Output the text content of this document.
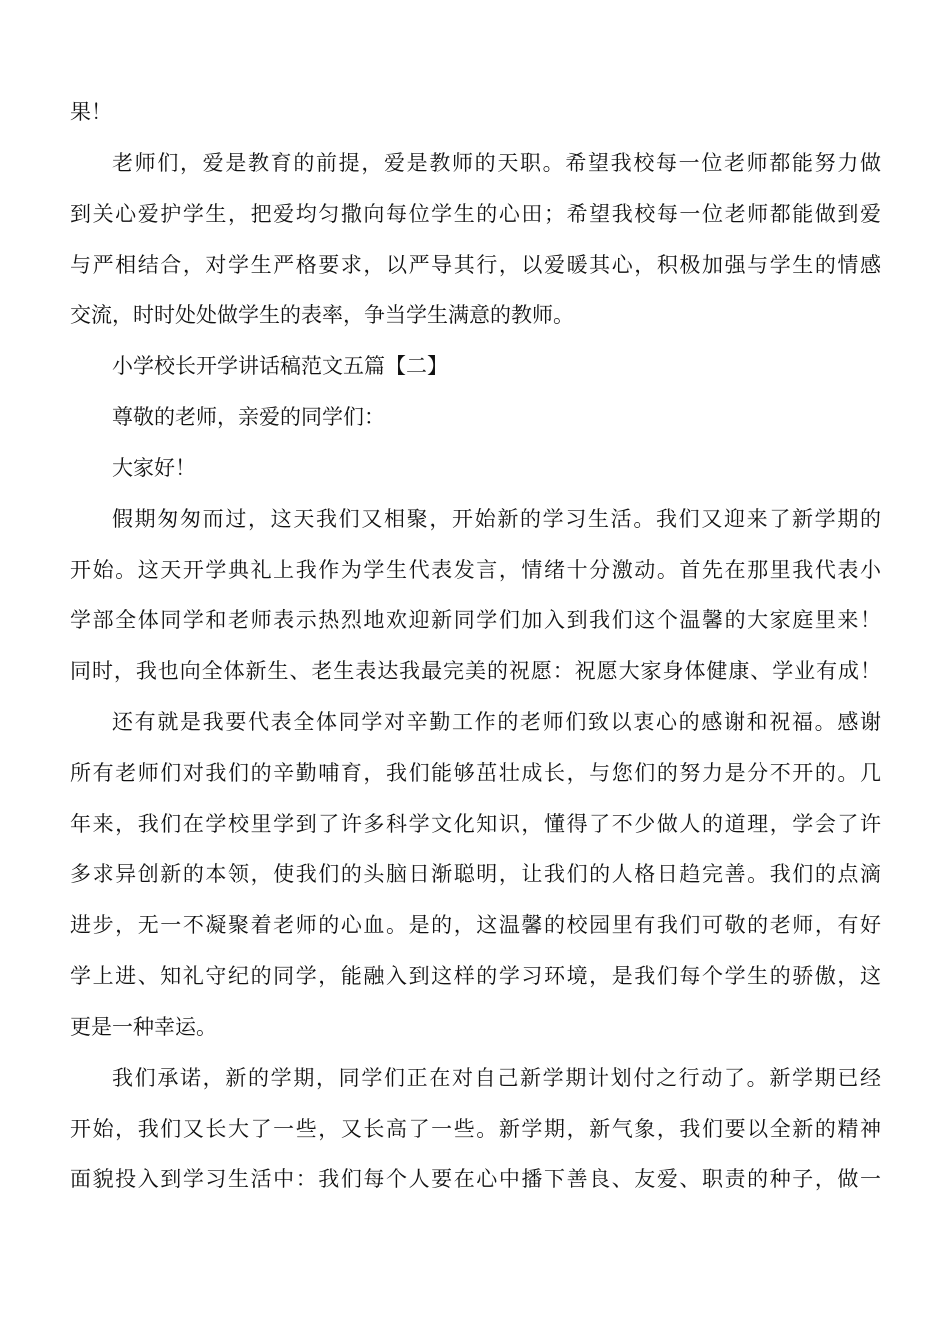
果！
老师们，爱是教育的前提，爱是教师的天职。希望我校每一位老师都能努力做
到关心爱护学生，把爱均匀撒向每位学生的心田；希望我校每一位老师都能做到爱
与严相结合，对学生严格要求，以严导其行，以爱暖其心，积极加强与学生的情感
交流，时时处处做学生的表率，争当学生满意的教师。
小学校长开学讲话稿范文五篇【二】
尊敬的老师，亲爱的同学们：
大家好！
假期匆匆而过，这天我们又相聚，开始新的学习生活。我们又迎来了新学期的
开始。这天开学典礼上我作为学生代表发言，情绪十分激动。首先在那里我代表小
学部全体同学和老师表示热烈地欢迎新同学们加入到我们这个温馨的大家庭里来！
同时，我也向全体新生、老生表达我最完美的祝愿：祝愿大家身体健康、学业有成！
还有就是我要代表全体同学对辛勤工作的老师们致以衷心的感谢和祝福。感谢
所有老师们对我们的辛勤哺育，我们能够茁壮成长，与您们的努力是分不开的。几
年来，我们在学校里学到了许多科学文化知识，懂得了不少做人的道理，学会了许
多求异创新的本领，使我们的头脑日渐聪明，让我们的人格日趋完善。我们的点滴
进步，无一不凝聚着老师的心血。是的，这温馨的校园里有我们可敬的老师，有好
学上进、知礼守纪的同学，能融入到这样的学习环境，是我们每个学生的骄傲，这
更是一种幸运。
我们承诺，新的学期，同学们正在对自己新学期计划付之行动了。新学期已经
开始，我们又长大了一些，又长高了一些。新学期，新气象，我们要以全新的精神
面貌投入到学习生活中：我们每个人要在心中播下善良、友爱、职责的种子，做一
